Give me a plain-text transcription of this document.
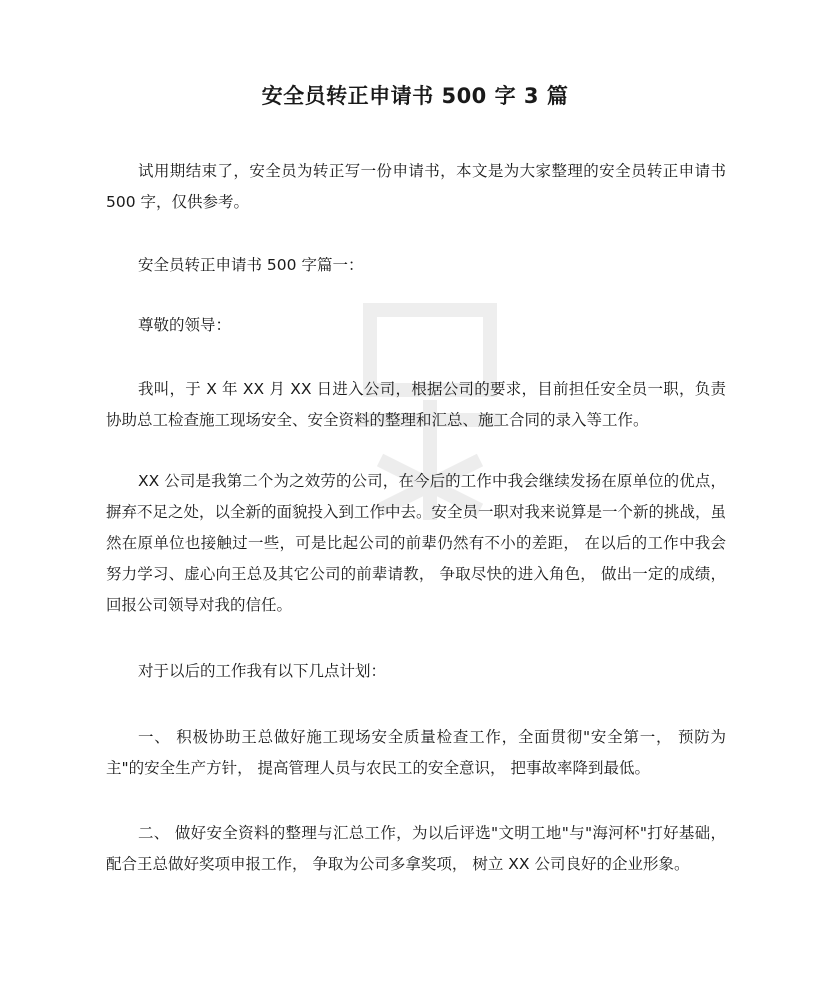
安全员转正申请书 500 字 3 篇
试用期结束了，安全员为转正写一份申请书，本文是为大家整理的安全员转正申请书 500 字，仅供参考。
安全员转正申请书 500 字篇一：
尊敬的领导：
我叫，于 X 年 XX 月 XX 日进入公司，根据公司的要求，目前担任安全员一职，负责协助总工检查施工现场安全、安全资料的整理和汇总、施工合同的录入等工作。
XX 公司是我第二个为之效劳的公司，在今后的工作中我会继续发扬在原单位的优点，摒弃不足之处，以全新的面貌投入到工作中去。安全员一职对我来说算是一个新的挑战，虽然在原单位也接触过一些，可是比起公司的前辈仍然有不小的差距， 在以后的工作中我会努力学习、虚心向王总及其它公司的前辈请教， 争取尽快的进入角色， 做出一定的成绩，回报公司领导对我的信任。
对于以后的工作我有以下几点计划：
一、 积极协助王总做好施工现场安全质量检查工作，全面贯彻"安全第一， 预防为主"的安全生产方针， 提高管理人员与农民工的安全意识， 把事故率降到最低。
二、 做好安全资料的整理与汇总工作，为以后评选"文明工地"与"海河杯"打好基础，配合王总做好奖项申报工作， 争取为公司多拿奖项， 树立 XX 公司良好的企业形象。
